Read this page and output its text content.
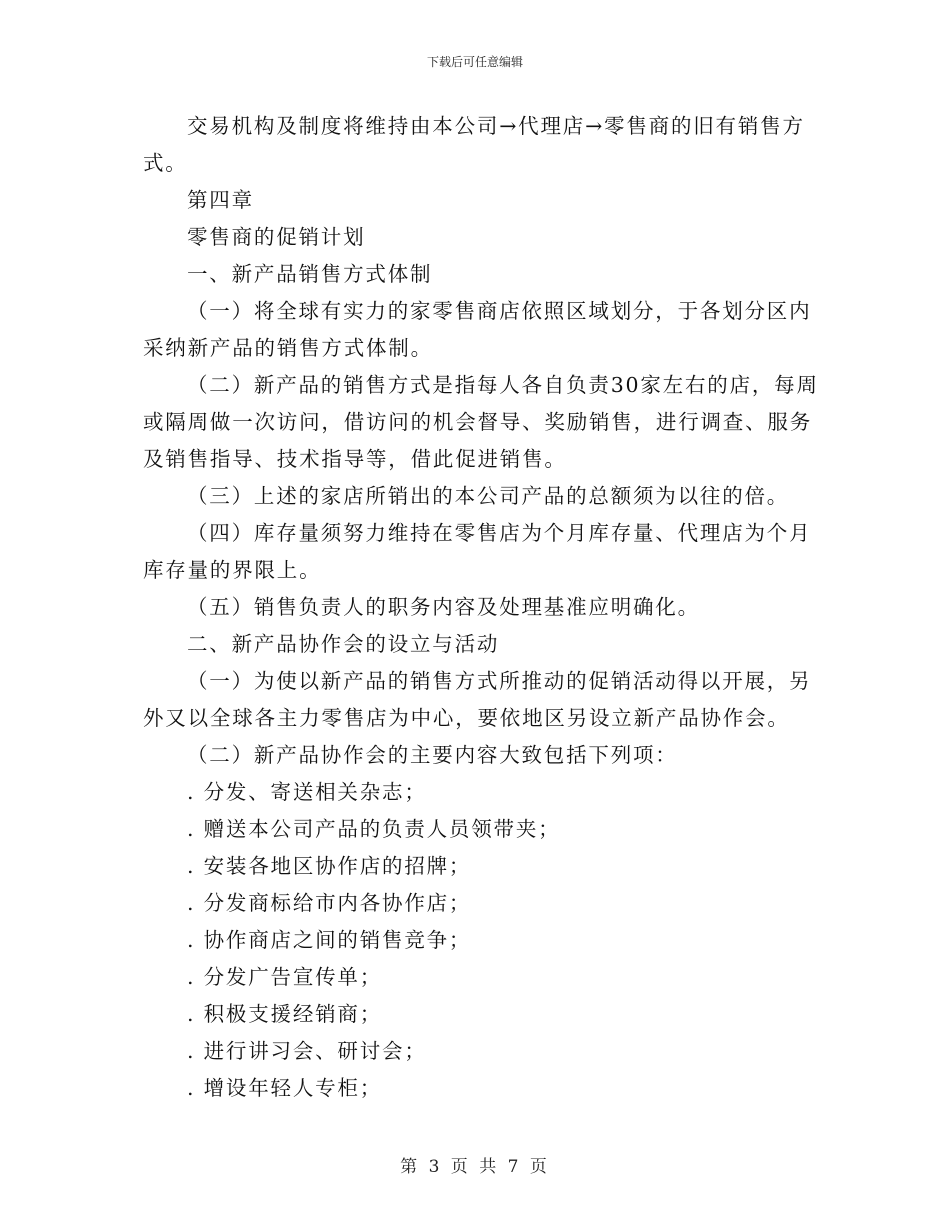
下载后可任意编辑
交易机构及制度将维持由本公司→代理店→零售商的旧有销售方
式。
第四章
零售商的促销计划
一、新产品销售方式体制
（一）将全球有实力的家零售商店依照区域划分，于各划分区内
采纳新产品的销售方式体制。
（二）新产品的销售方式是指每人各自负责30家左右的店，每周
或隔周做一次访问，借访问的机会督导、奖励销售，进行调查、服务
及销售指导、技术指导等，借此促进销售。
（三）上述的家店所销出的本公司产品的总额须为以往的倍。
（四）库存量须努力维持在零售店为个月库存量、代理店为个月
库存量的界限上。
（五）销售负责人的职务内容及处理基准应明确化。
二、新产品协作会的设立与活动
（一）为使以新产品的销售方式所推动的促销活动得以开展，另
外又以全球各主力零售店为中心，要依地区另设立新产品协作会。
（二）新产品协作会的主要内容大致包括下列项：
. 分发、寄送相关杂志；
. 赠送本公司产品的负责人员领带夹；
. 安装各地区协作店的招牌；
. 分发商标给市内各协作店；
. 协作商店之间的销售竞争；
. 分发广告宣传单；
. 积极支援经销商；
. 进行讲习会、研讨会；
. 增设年轻人专柜；
第 3 页 共 7 页
